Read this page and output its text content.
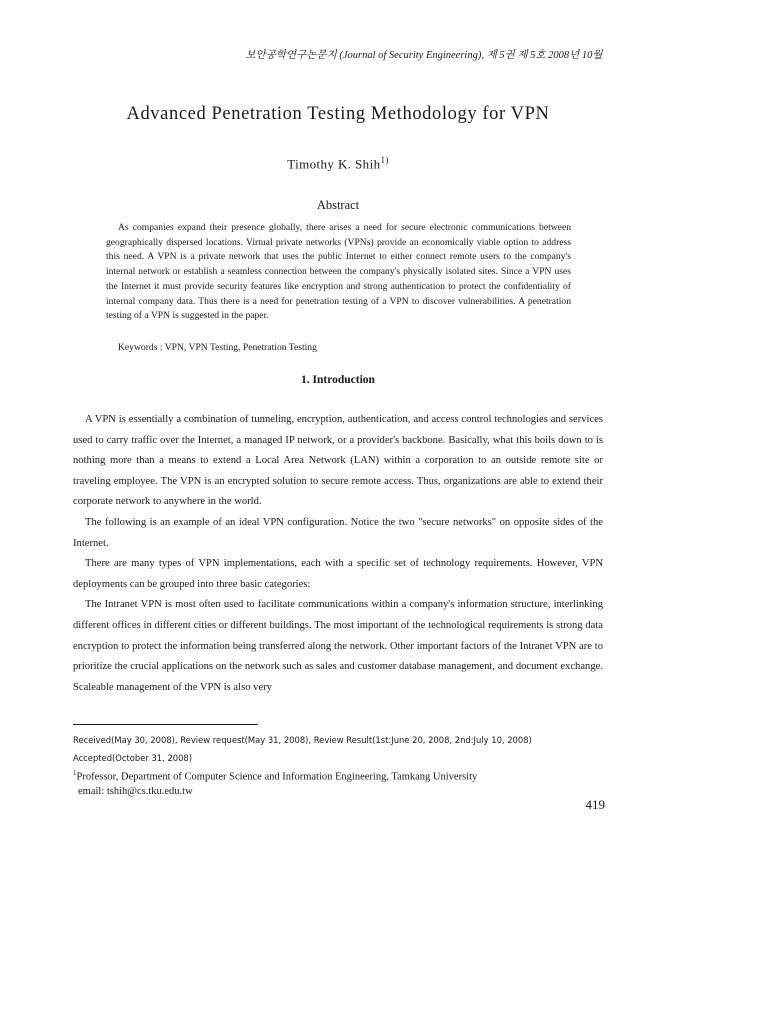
보안공학연구논문지 (Journal of Security Engineering), 제 5권 제 5호 2008년 10월
Advanced Penetration Testing Methodology for VPN
Timothy K. Shih$^{1)}$
Abstract

As companies expand their presence globally, there arises a need for secure electronic communications between geographically dispersed locations. Virtual private networks (VPNs) provide an economically viable option to address this need. A VPN is a private network that uses the public Internet to either connect remote users to the company's internal network or establish a seamless connection between the company's physically isolated sites. Since a VPN uses the Internet it must provide security features like encryption and strong authentication to protect the confidentiality of internal company data. Thus there is a need for penetration testing of a VPN to discover vulnerabilities. A penetration testing of a VPN is suggested in the paper.

Keywords : VPN, VPN Testing, Penetration Testing
1. Introduction

A VPN is essentially a combination of tunneling, encryption, authentication, and access control technologies and services used to carry traffic over the Internet, a managed IP network, or a provider's backbone. Basically, what this boils down to is nothing more than a means to extend a Local Area Network (LAN) within a corporation to an outside remote site or traveling employee. The VPN is an encrypted solution to secure remote access. Thus, organizations are able to extend their corporate network to anywhere in the world.

The following is an example of an ideal VPN configuration. Notice the two "secure networks" on opposite sides of the Internet.

There are many types of VPN implementations, each with a specific set of technology requirements. However, VPN deployments can be grouped into three basic categories:

The Intranet VPN is most often used to facilitate communications within a company's information structure, interlinking different offices in different cities or different buildings. The most important of the technological requirements is strong data encryption to protect the information being transferred along the network. Other important factors of the Intranet VPN are to prioritize the crucial applications on the network such as sales and customer database management, and document exchange. Scaleable management of the VPN is also very

Received(May 30, 2008), Review request(May 31, 2008), Review Result(1st:June 20, 2008, 2nd:July 10, 2008)
Accepted(October 31, 2008)
$^1$Professor, Department of Computer Science and Information Engineering, Tamkang University
email: tshih@cs.tku.edu.tw
419
